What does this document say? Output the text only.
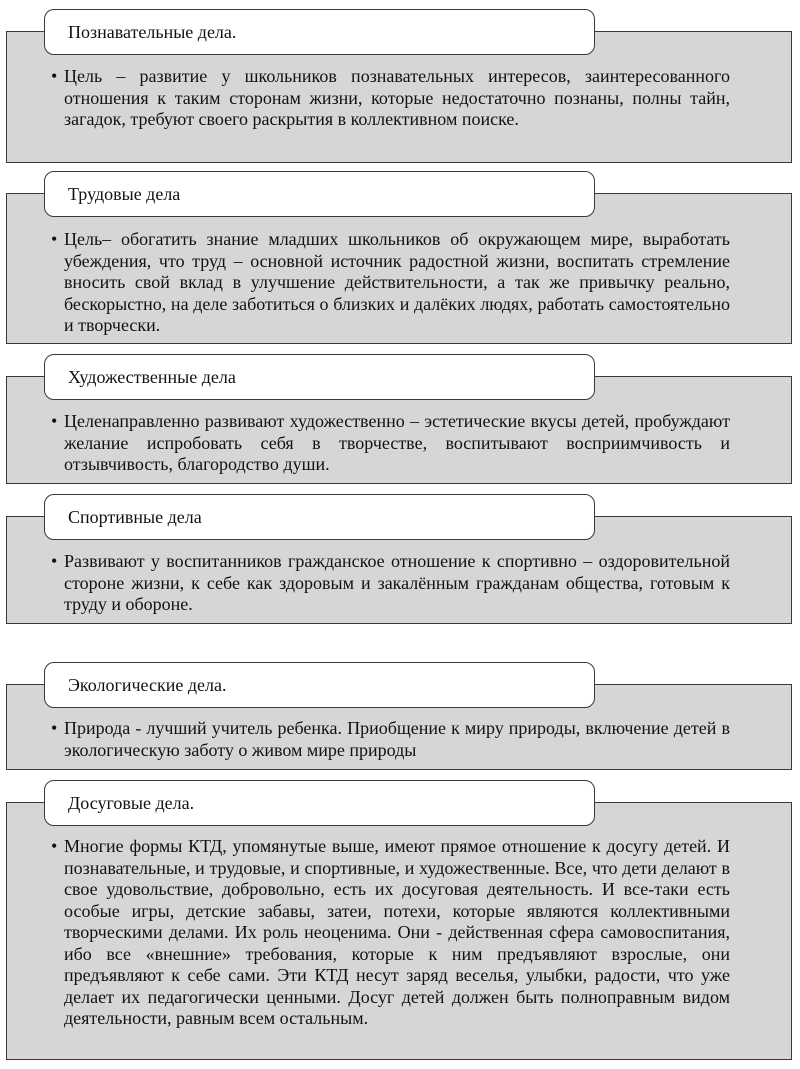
Познавательные дела.
• Цель – развитие у школьников познавательных интересов, заинтересованного отношения к таким сторонам жизни, которые недостаточно познаны, полны тайн, загадок, требуют своего раскрытия в коллективном поиске.
Трудовые дела
• Цель– обогатить знание младших школьников об окружающем мире, выработать убеждения, что труд – основной источник радостной жизни, воспитать стремление вносить свой вклад в улучшение действительности, а так же привычку реально, бескорыстно, на деле заботиться о близких и далёких людях, работать самостоятельно и творчески.
Художественные дела
• Целенаправленно развивают художественно – эстетические вкусы детей, пробуждают желание испробовать себя в творчестве, воспитывают восприимчивость и отзывчивость, благородство души.
Спортивные дела
• Развивают у воспитанников гражданское отношение к спортивно – оздоровительной стороне жизни, к себе как здоровым и закалённым гражданам общества, готовым к труду и обороне.
Экологические дела.
• Природа - лучший учитель ребенка. Приобщение к миру природы, включение детей в экологическую заботу о живом мире природы
Досуговые дела.
• Многие формы КТД, упомянутые выше, имеют прямое отношение к досугу детей. И познавательные, и трудовые, и спортивные, и художественные. Все, что дети делают в свое удовольствие, добровольно, есть их досуговая деятельность. И все-таки есть особые игры, детские забавы, затеи, потехи, которые являются коллективными творческими делами. Их роль неоценима. Они - действенная сфера самовоспитания, ибо все «внешние» требования, которые к ним предъявляют взрослые, они предъявляют к себе сами. Эти КТД несут заряд веселья, улыбки, радости, что уже делает их педагогически ценными. Досуг детей должен быть полноправным видом деятельности, равным всем остальным.
